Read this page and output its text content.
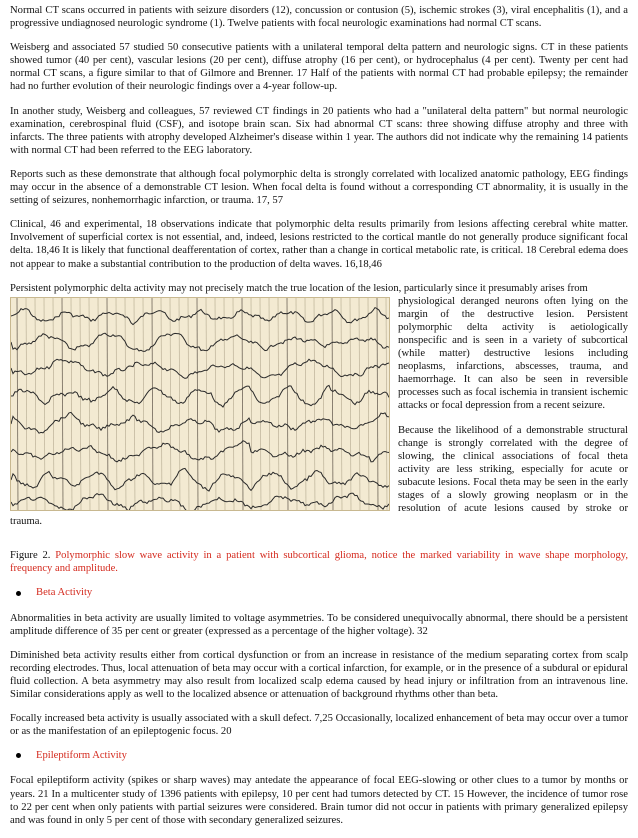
Normal CT scans occurred in patients with seizure disorders (12), concussion or contusion (5), ischemic strokes (3), viral encephalitis (1), and a progressive undiagnosed neurologic syndrome (1). Twelve patients with focal neurologic examinations had normal CT scans.

Weisberg and associated 57 studied 50 consecutive patients with a unilateral temporal delta pattern and neurologic signs. CT in these patients showed tumor (40 per cent), vascular lesions (20 per cent), diffuse atrophy (16 per cent), or hydrocephalus (4 per cent). Twenty per cent had normal CT scans, a figure similar to that of Gilmore and Brenner. 17 Half of the patients with normal CT had probable epilepsy; the remainder had no further evolution of their neurologic findings over a 4-year follow-up.

In another study, Weisberg and colleagues, 57 reviewed CT findings in 20 patients who had a "unilateral delta pattern" but normal neurologic examination, cerebrospinal fluid (CSF), and isotope brain scan. Six had abnormal CT scans: three showing diffuse atrophy and three with infarcts. The three patients with atrophy developed Alzheimer's disease within 1 year. The authors did not indicate why the remaining 14 patients with normal CT had been referred to the EEG laboratory.

Reports such as these demonstrate that although focal polymorphic delta is strongly correlated with localized anatomic pathology, EEG findings may occur in the absence of a demonstrable CT lesion. When focal delta is found without a corresponding CT abnormality, it is usually in the setting of seizures, nonhemorrhagic infarction, or trauma. 17, 57

Clinical, 46 and experimental, 18 observations indicate that polymorphic delta results primarily from lesions affecting cerebral white matter. Involvement of superficial cortex is not essential, and, indeed, lesions restricted to the cortical mantle do not generally produce significant focal delta. 18,46 It is likely that functional deafferentation of cortex, rather than a change in cortical metabolic rate, is critical. 18 Cerebral edema does not appear to make a substantial contribution to the production of delta waves. 16,18,46

Persistent polymorphic delta activity may not precisely match the true location of the lesion, particularly since it presumably arises from

physiological deranged neurons often lying on the margin of the destructive lesion. Persistent polymorphic delta activity is aetiologically nonspecific and is seen in a variety of subcortical (while matter) destructive lesions including neoplasms, infarctions, abscesses, trauma, and haemorrhage. It can also be seen in reversible processes such as focal ischemia in transient ischemic attacks or focal depression from a recent seizure.

Because the likelihood of a demonstrable structural change is strongly correlated with the degree of slowing, the clinical associations of focal theta activity are less striking, especially for acute or subacute lesions. Focal theta may be seen in the early stages of a slowly growing neoplasm or in the resolution of acute lesions caused by stroke or trauma.

Figure 2. Polymorphic slow wave activity in a patient with subcortical glioma, notice the marked variability in wave shape morphology, frequency and amplitude.

Beta Activity

Abnormalities in beta activity are usually limited to voltage asymmetries. To be considered unequivocally abnormal, there should be a persistent amplitude difference of 35 per cent or greater (expressed as a percentage of the higher voltage). 32

Diminished beta activity results either from cortical dysfunction or from an increase in resistance of the medium separating cortex from scalp recording electrodes. Thus, local attenuation of beta may occur with a cortical infarction, for example, or in the presence of a subdural or epidural fluid collection. A beta asymmetry may also result from localized scalp edema caused by head injury or infiltration from an intravenous line. Similar considerations apply as well to the localized absence or attenuation of background rhythms other than beta.

Focally increased beta activity is usually associated with a skull defect. 7,25 Occasionally, localized enhancement of beta may occur over a tumor or as the manifestation of an epileptogenic focus. 20

Epileptiform Activity

Focal epileptiform activity (spikes or sharp waves) may antedate the appearance of focal EEG-slowing or other clues to a tumor by months or years. 21 In a multicenter study of 1396 patients with epilepsy, 10 per cent had tumors detected by CT. 15 However, the incidence of tumor rose to 22 per cent when only patients with partial seizures were considered. Brain tumor did not occur in patients with primary generalized epilepsy and was found in only 5 per cent of those with secondary generalized seizures.
